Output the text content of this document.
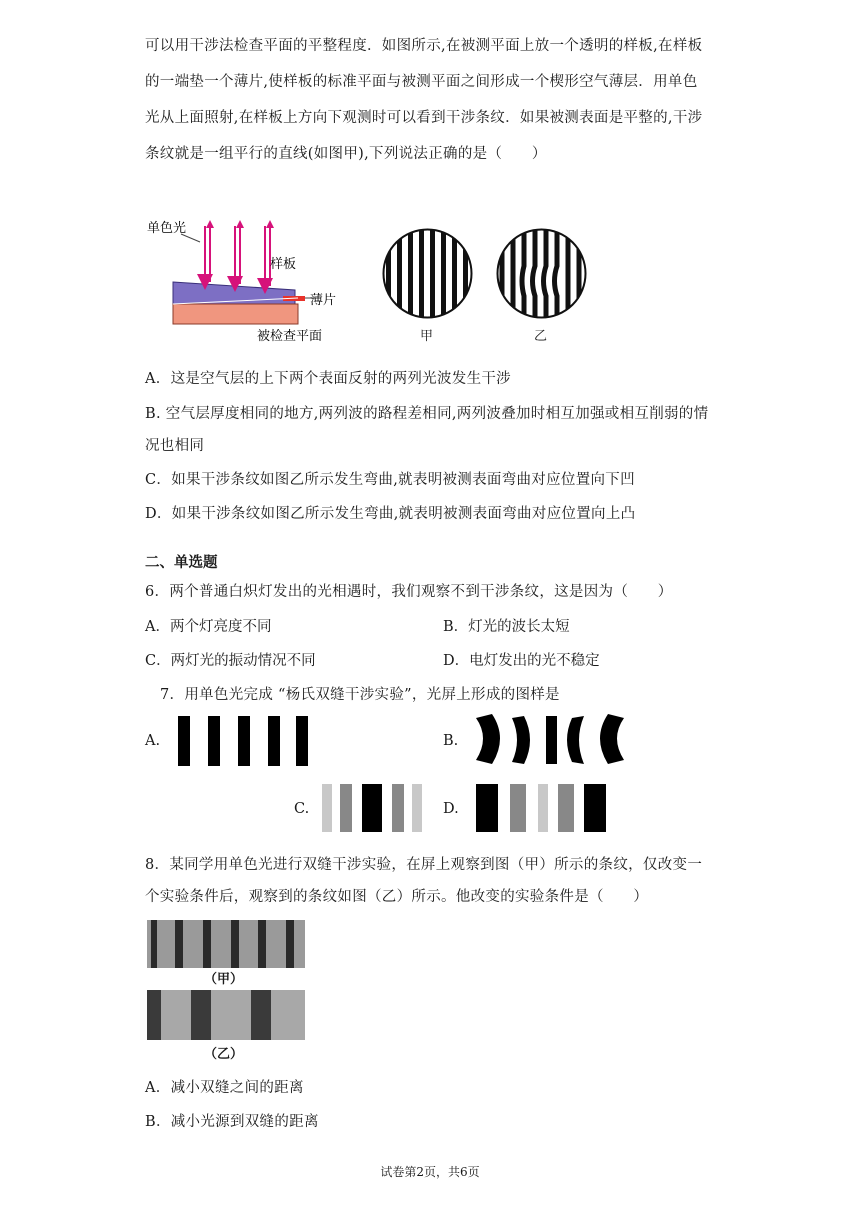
可以用干涉法检查平面的平整程度．如图所示,在被测平面上放一个透明的样板,在样板
的一端垫一个薄片,使样板的标准平面与被测平面之间形成一个楔形空气薄层．用单色
光从上面照射,在样板上方向下观测时可以看到干涉条纹．如果被测表面是平整的,干涉
条纹就是一组平行的直线(如图甲),下列说法正确的是（　　）
单色光
样板
薄片
被检查平面	甲	乙
A．这是空气层的上下两个表面反射的两列光波发生干涉
B. 空气层厚度相同的地方,两列波的路程差相同,两列波叠加时相互加强或相互削弱的情
况也相同
C．如果干涉条纹如图乙所示发生弯曲,就表明被测表面弯曲对应位置向下凹
D．如果干涉条纹如图乙所示发生弯曲,就表明被测表面弯曲对应位置向上凸
二、单选题
6．两个普通白炽灯发出的光相遇时，我们观察不到干涉条纹，这是因为（　　）
A．两个灯亮度不同	B．灯光的波长太短
C．两灯光的振动情况不同	D．电灯发出的光不稳定
7．用单色光完成 “杨氏双缝干涉实验”，光屏上形成的图样是
A.	B.
C.	D.
8．某同学用单色光进行双缝干涉实验，在屏上观察到图（甲）所示的条纹，仅改变一
个实验条件后，观察到的条纹如图（乙）所示。他改变的实验条件是（　　）
（甲）
（乙）
A．减小双缝之间的距离
B．减小光源到双缝的距离
试卷第2页，共6页
